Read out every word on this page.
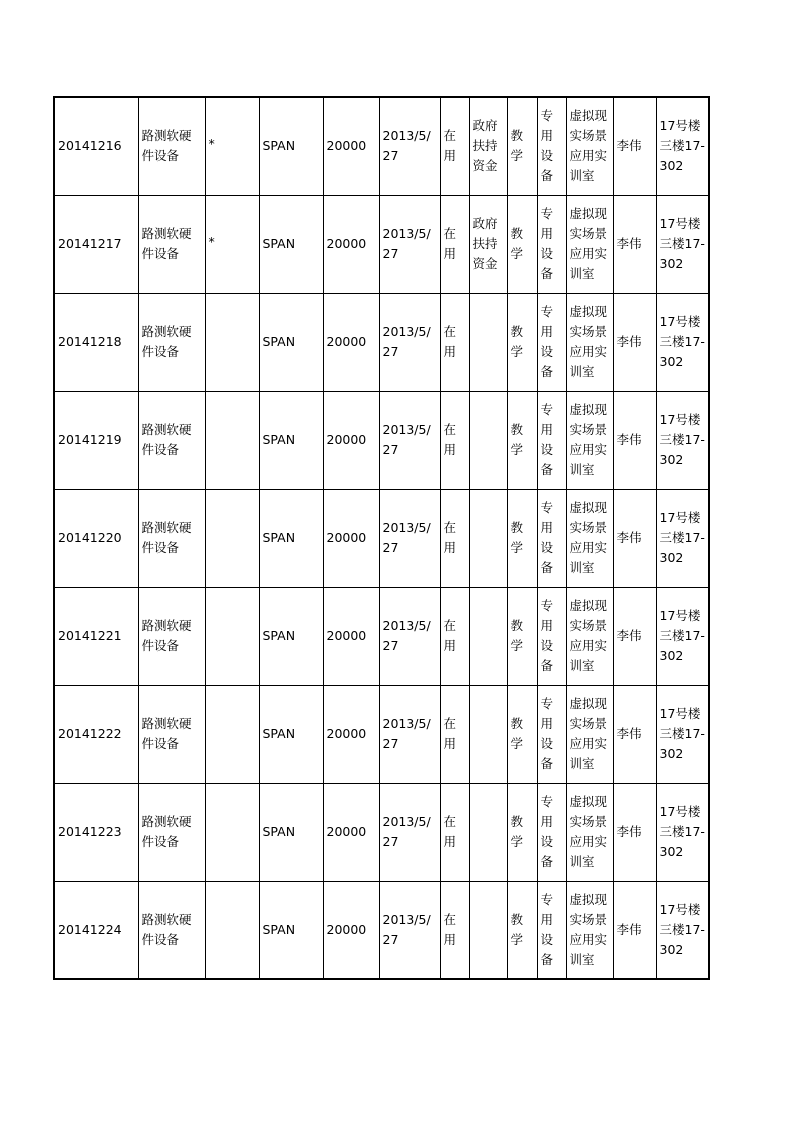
20141216	路测软硬件设备	*	SPAN	20000	2013/5/27	在用	政府扶持资金	教学	专用设备	虚拟现实场景应用实训室	李伟	17号楼三楼17-302
20141217	路测软硬件设备	*	SPAN	20000	2013/5/27	在用	政府扶持资金	教学	专用设备	虚拟现实场景应用实训室	李伟	17号楼三楼17-302
20141218	路测软硬件设备		SPAN	20000	2013/5/27	在用		教学	专用设备	虚拟现实场景应用实训室	李伟	17号楼三楼17-302
20141219	路测软硬件设备		SPAN	20000	2013/5/27	在用		教学	专用设备	虚拟现实场景应用实训室	李伟	17号楼三楼17-302
20141220	路测软硬件设备		SPAN	20000	2013/5/27	在用		教学	专用设备	虚拟现实场景应用实训室	李伟	17号楼三楼17-302
20141221	路测软硬件设备		SPAN	20000	2013/5/27	在用		教学	专用设备	虚拟现实场景应用实训室	李伟	17号楼三楼17-302
20141222	路测软硬件设备		SPAN	20000	2013/5/27	在用		教学	专用设备	虚拟现实场景应用实训室	李伟	17号楼三楼17-302
20141223	路测软硬件设备		SPAN	20000	2013/5/27	在用		教学	专用设备	虚拟现实场景应用实训室	李伟	17号楼三楼17-302
20141224	路测软硬件设备		SPAN	20000	2013/5/27	在用		教学	专用设备	虚拟现实场景应用实训室	李伟	17号楼三楼17-302
